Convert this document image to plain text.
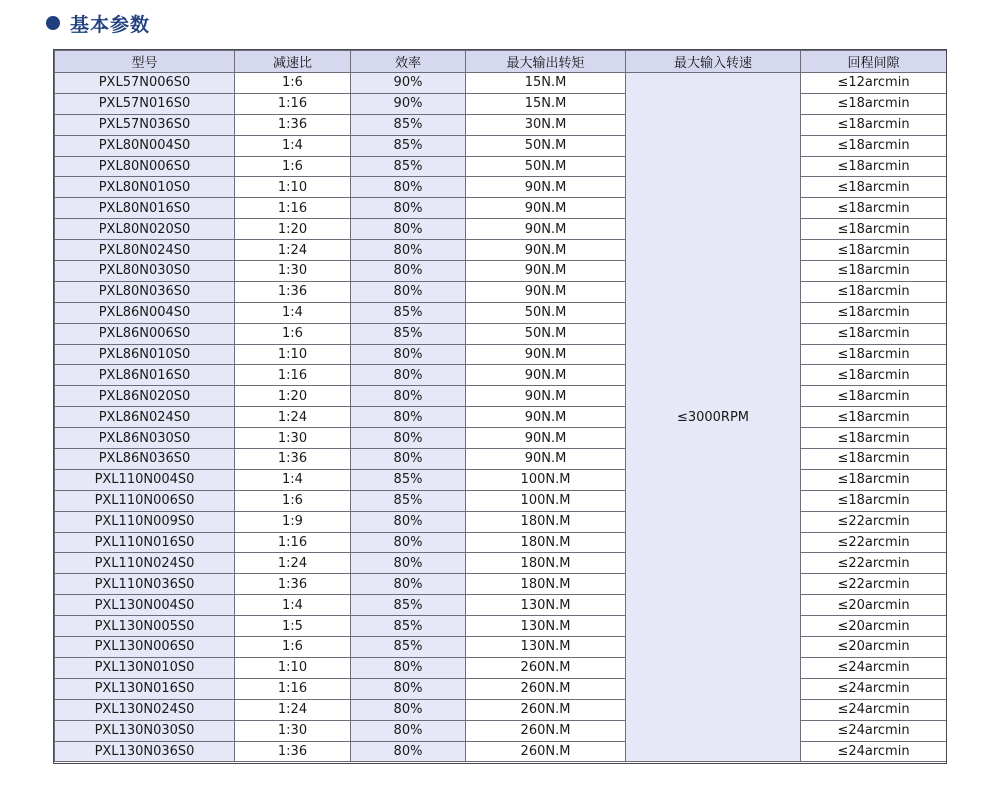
基本参数
型号	减速比	效率	最大输出转矩	最大输入转速	回程间隙
PXL57N006S0	1:6	90%	15N.M	≤3000RPM	≤12arcmin
PXL57N016S0	1:16	90%	15N.M		≤18arcmin
PXL57N036S0	1:36	85%	30N.M		≤18arcmin
PXL80N004S0	1:4	85%	50N.M		≤18arcmin
PXL80N006S0	1:6	85%	50N.M		≤18arcmin
PXL80N010S0	1:10	80%	90N.M		≤18arcmin
PXL80N016S0	1:16	80%	90N.M		≤18arcmin
PXL80N020S0	1:20	80%	90N.M		≤18arcmin
PXL80N024S0	1:24	80%	90N.M		≤18arcmin
PXL80N030S0	1:30	80%	90N.M		≤18arcmin
PXL80N036S0	1:36	80%	90N.M		≤18arcmin
PXL86N004S0	1:4	85%	50N.M		≤18arcmin
PXL86N006S0	1:6	85%	50N.M		≤18arcmin
PXL86N010S0	1:10	80%	90N.M		≤18arcmin
PXL86N016S0	1:16	80%	90N.M		≤18arcmin
PXL86N020S0	1:20	80%	90N.M		≤18arcmin
PXL86N024S0	1:24	80%	90N.M		≤18arcmin
PXL86N030S0	1:30	80%	90N.M		≤18arcmin
PXL86N036S0	1:36	80%	90N.M		≤18arcmin
PXL110N004S0	1:4	85%	100N.M		≤18arcmin
PXL110N006S0	1:6	85%	100N.M		≤18arcmin
PXL110N009S0	1:9	80%	180N.M		≤22arcmin
PXL110N016S0	1:16	80%	180N.M		≤22arcmin
PXL110N024S0	1:24	80%	180N.M		≤22arcmin
PXL110N036S0	1:36	80%	180N.M		≤22arcmin
PXL130N004S0	1:4	85%	130N.M		≤20arcmin
PXL130N005S0	1:5	85%	130N.M		≤20arcmin
PXL130N006S0	1:6	85%	130N.M		≤20arcmin
PXL130N010S0	1:10	80%	260N.M		≤24arcmin
PXL130N016S0	1:16	80%	260N.M		≤24arcmin
PXL130N024S0	1:24	80%	260N.M		≤24arcmin
PXL130N030S0	1:30	80%	260N.M		≤24arcmin
PXL130N036S0	1:36	80%	260N.M		≤24arcmin
